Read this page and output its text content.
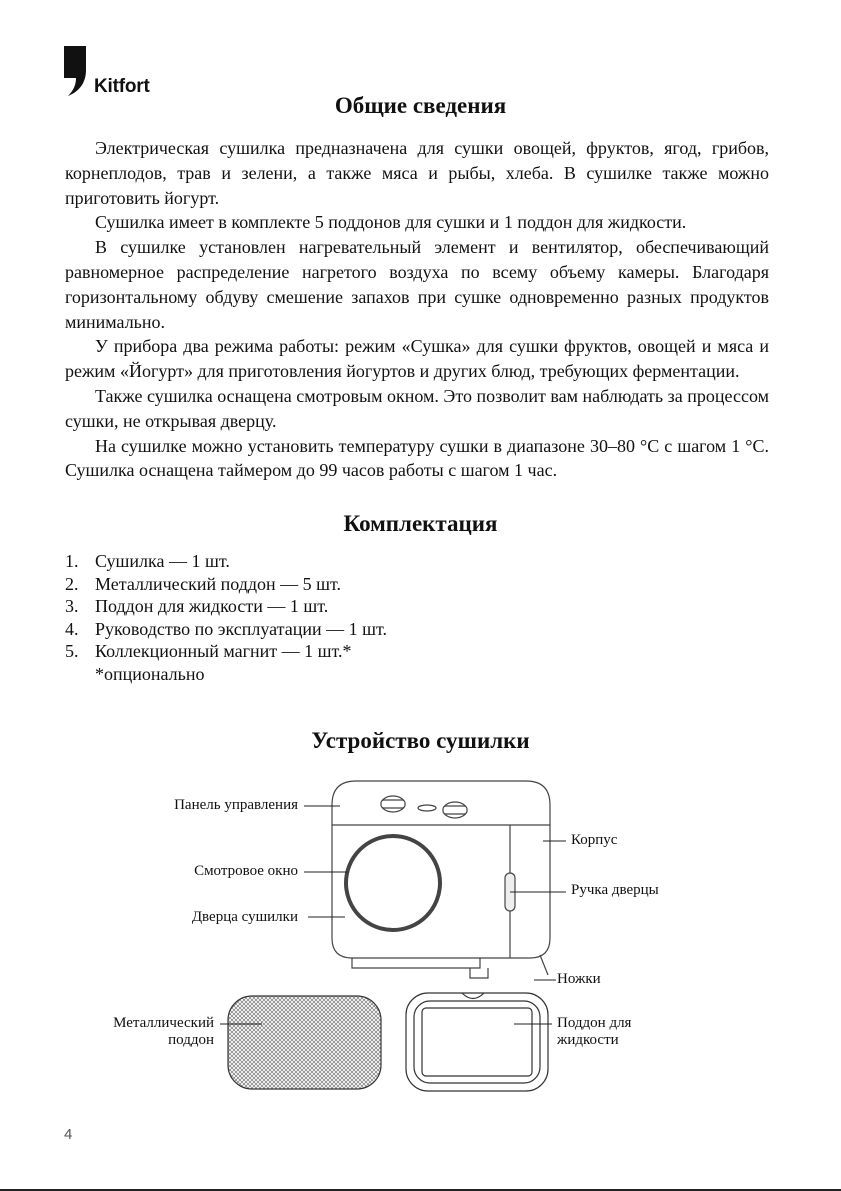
Kitfort
Общие сведения

Электрическая сушилка предназначена для сушки овощей, фруктов, ягод, грибов, корнеплодов, трав и зелени, а также мяса и рыбы, хлеба. В сушилке также можно приготовить йогурт.

Сушилка имеет в комплекте 5 поддонов для сушки и 1 поддон для жидкости.

В сушилке установлен нагревательный элемент и вентилятор, обеспечивающий равномерное распределение нагретого воздуха по всему объему камеры. Благодаря горизонтальному обдуву смешение запахов при сушке одновременно разных продуктов минимально.

У прибора два режима работы: режим «Сушка» для сушки фруктов, овощей и мяса и режим «Йогурт» для приготовления йогуртов и других блюд, требующих ферментации.

Также сушилка оснащена смотровым окном. Это позволит вам наблюдать за процессом сушки, не открывая дверцу.

На сушилке можно установить температуру сушки в диапазоне 30–80 °C с шагом 1 °C. Сушилка оснащена таймером до 99 часов работы с шагом 1 час.

Комплектация
1. Сушилка — 1 шт.
2. Металлический поддон — 5 шт.
3. Поддон для жидкости — 1 шт.
4. Руководство по эксплуатации — 1 шт.
5. Коллекционный магнит — 1 шт.*
*опционально
Устройство сушилки
Панель управления
Смотровое окно
Дверца сушилки
Корпус
Ручка дверцы
Ножки
Металлический
поддон
Поддон для
жидкости
4
